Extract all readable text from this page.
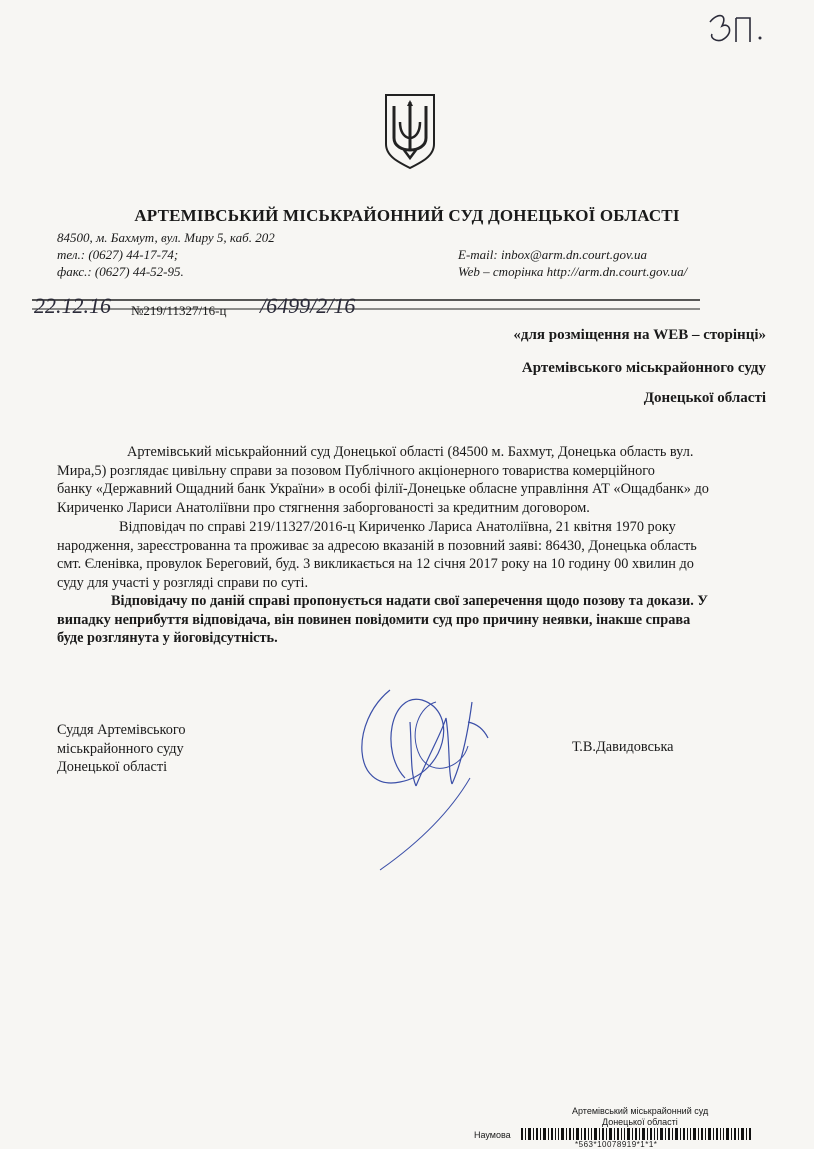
Зп.
АРТЕМІВСЬКИЙ МІСЬКРАЙОННИЙ СУД ДОНЕЦЬКОЇ ОБЛАСТІ
84500, м. Бахмут, вул. Миру 5, каб. 202
тел.: (0627) 44-17-74;
факс.: (0627) 44-52-95.
E-mail: inbox@arm.dn.court.gov.ua
Web – сторінка http://arm.dn.court.gov.ua/
22.12.16	/6499/2/16
№219/11327/16-ц
«для розміщення на WEB – сторінці»
Артемівського міськрайонного суду
Донецької області
Артемівський міськрайонний суд Донецької області (84500 м. Бахмут, Донецька область вул.
Мира,5) розглядає цивільну справи за позовом Публічного акціонерного товариства комерційного
банку «Державний Ощадний банк України» в особі філії-Донецьке обласне управління АТ «Ощадбанк» до
Кириченко Лариси Анатоліївни про стягнення заборгованості за кредитним договором.
Відповідач по справі 219/11327/2016-ц Кириченко Лариса Анатоліївна, 21 квітня 1970 року
народження, зареєстрованна та проживає за адресою вказаній в позовний заяві: 86430, Донецька область
смт. Єленівка, провулок Береговий, буд. 3 викликається на 12 січня 2017 року на 10 годину 00 хвилин до
суду для участі у розгляді справи по суті.
Відповідачу по даній справі пропонується надати свої заперечення щодо позову та докази. У
випадку неприбуття відповідача, він повинен повідомити суд про причину неявки, інакше справа
буде розглянута у йоговідсутність.
Суддя Артемівського
міськрайонного суду
Донецької області
Т.В.Давидовська
Артемівський міськрайонний суд
Донецької області
Наумова
*563*10078919*1*1*
